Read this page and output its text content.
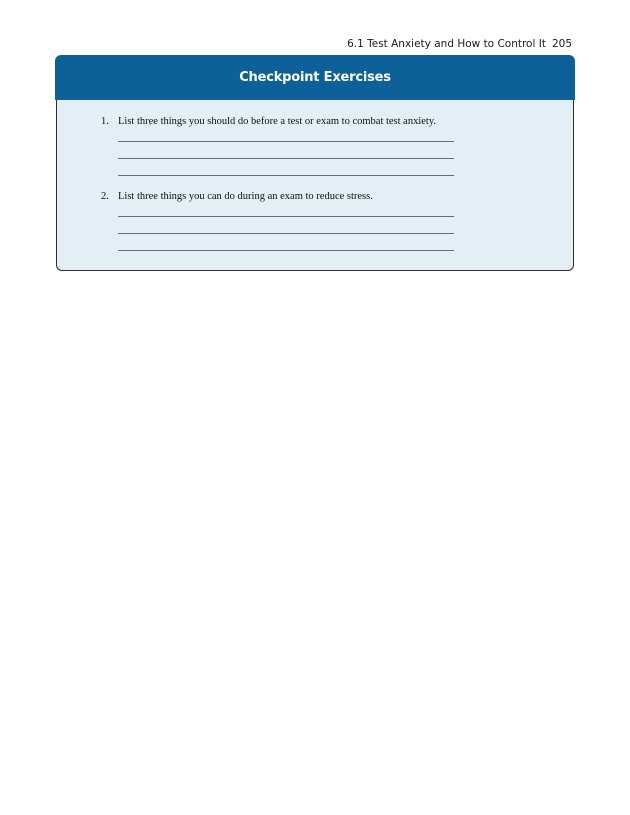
6.1 Test Anxiety and How to Control It 205
Checkpoint Exercises
1. List three things you should do before a test or exam to combat test anxiety.
2. List three things you can do during an exam to reduce stress.
